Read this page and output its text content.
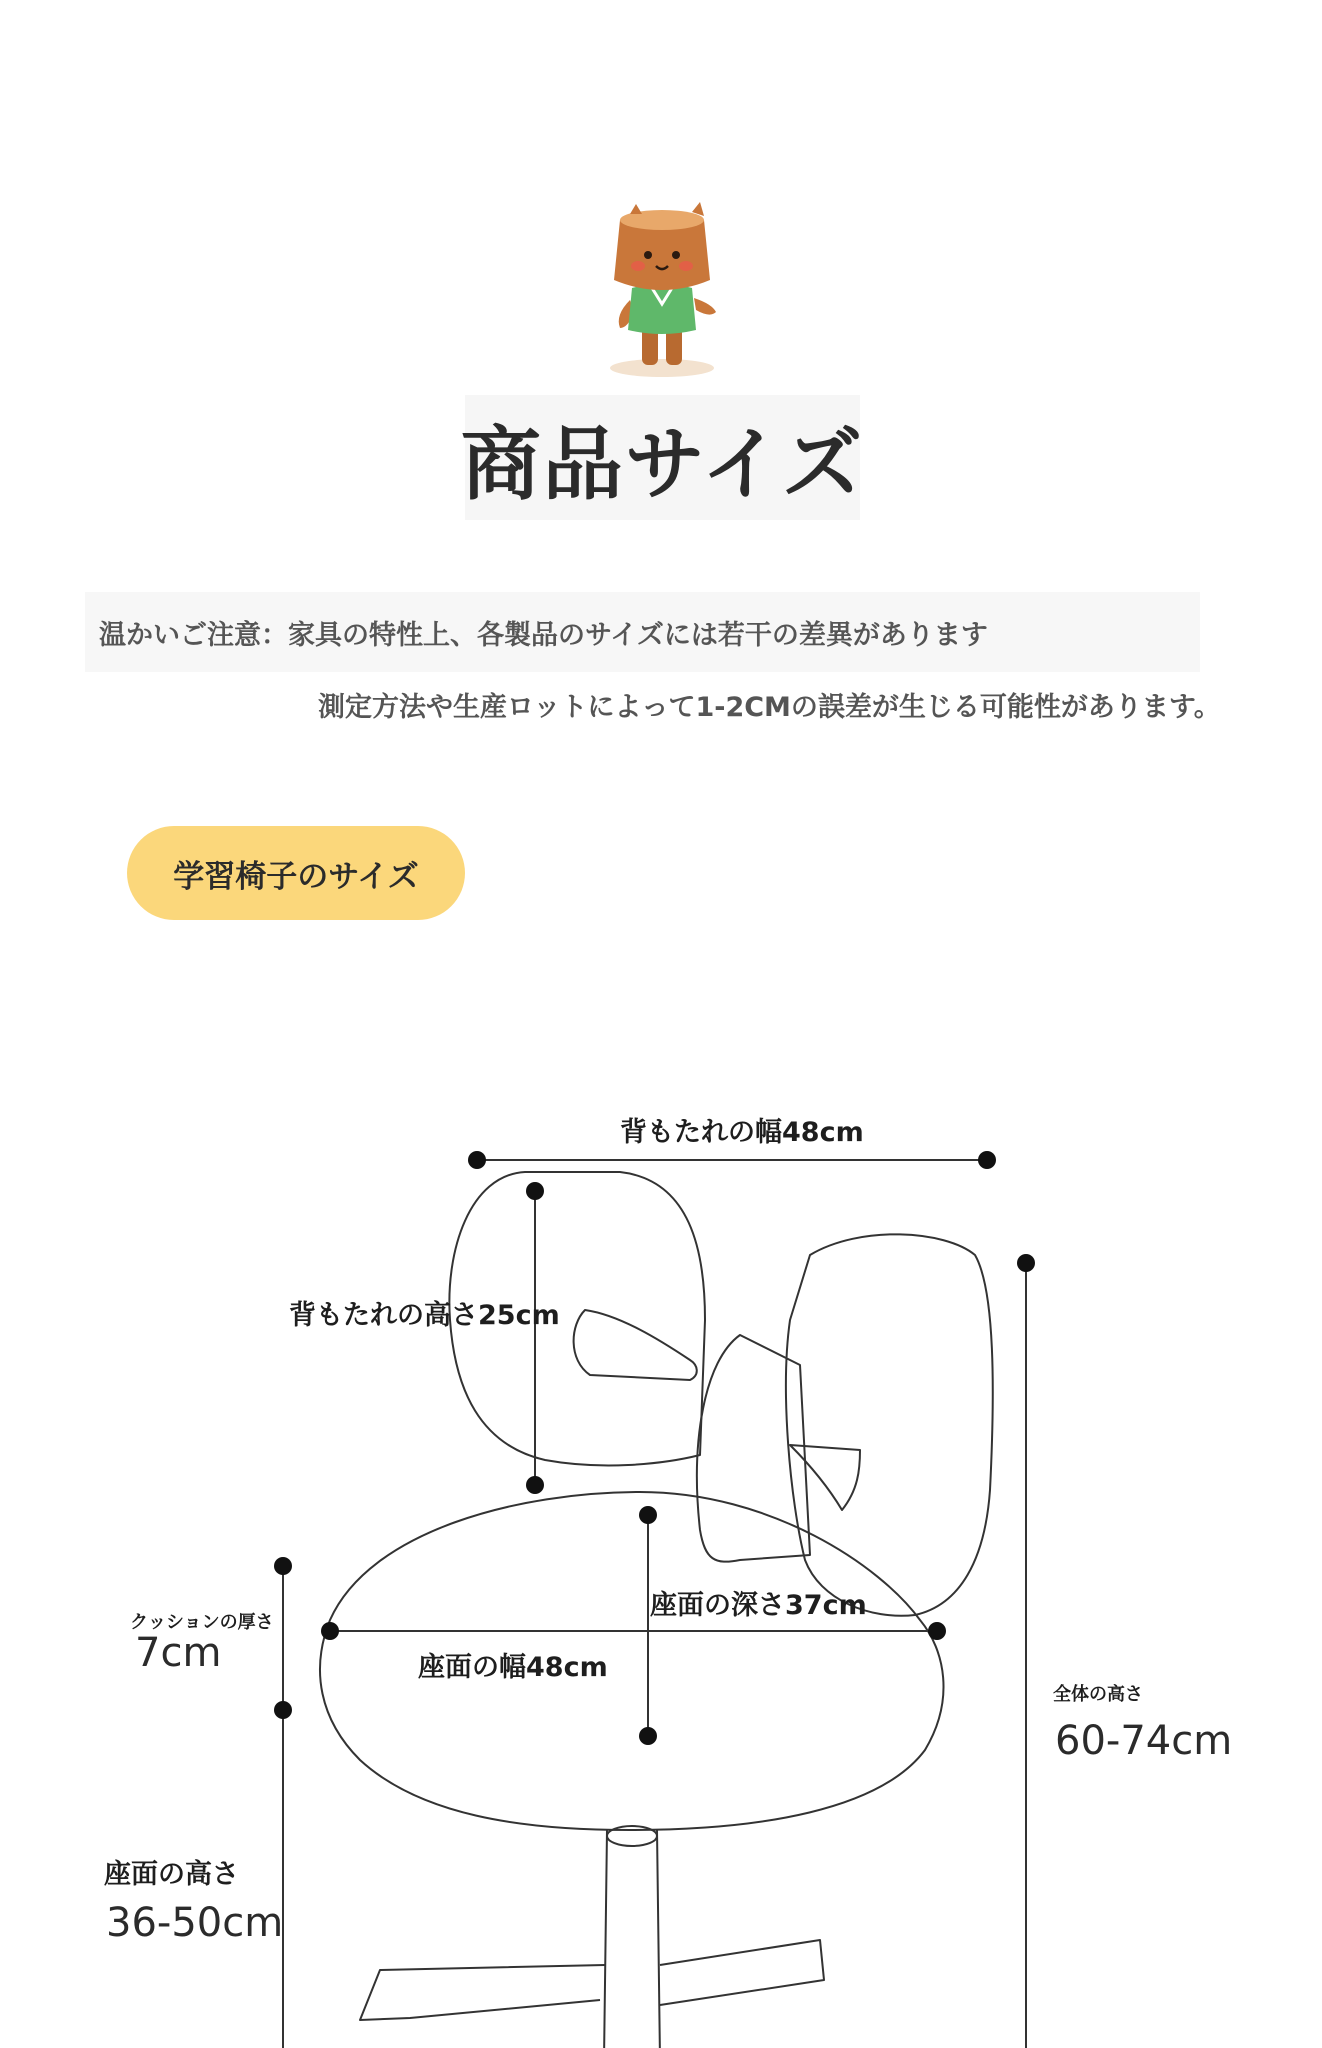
商品サイズ
温かいご注意：家具の特性上、各製品のサイズには若干の差異があります
測定方法や生産ロットによって1-2CMの誤差が生じる可能性があります。
学習椅子のサイズ
背もたれの幅48cm
背もたれの高さ25cm
座面の深さ37cm
座面の幅48cm
クッションの厚さ
7cm
全体の高さ
60-74cm
座面の高さ
36-50cm
